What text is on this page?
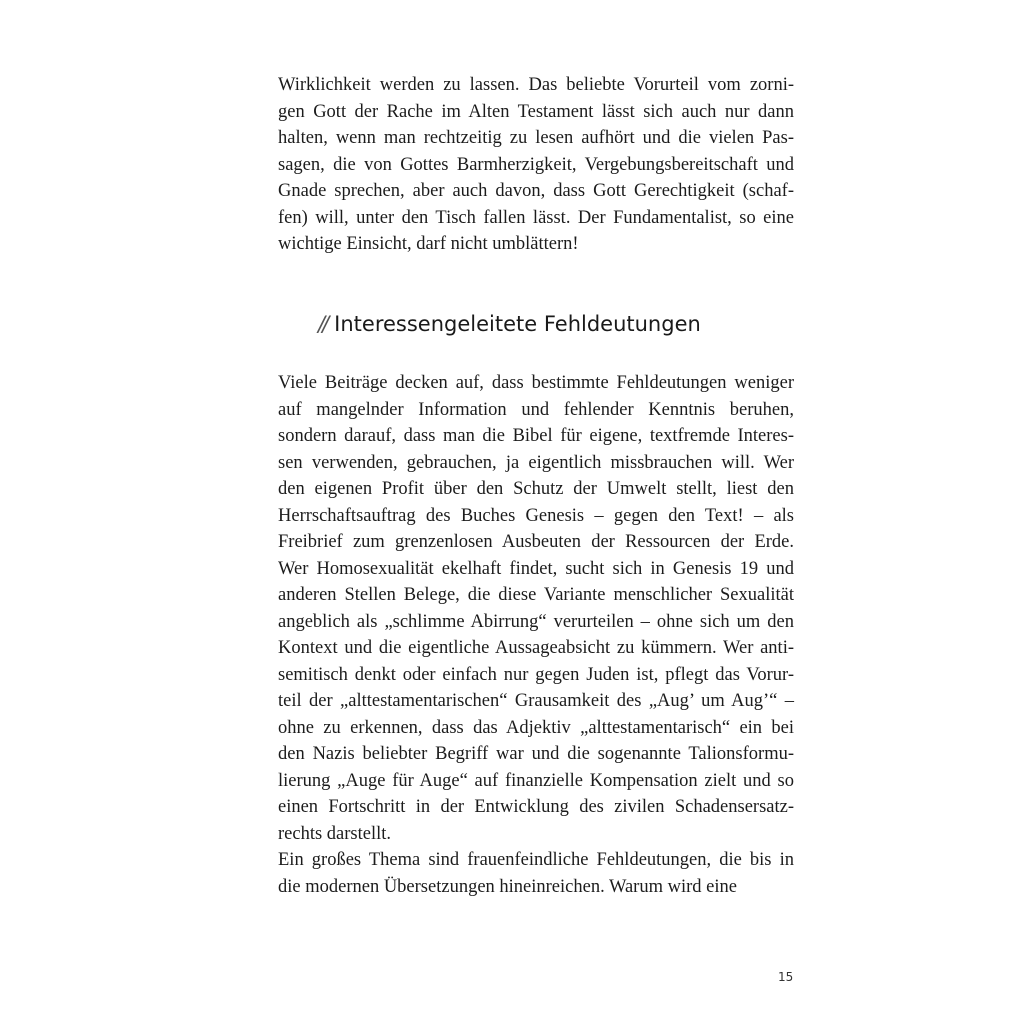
Wirklichkeit werden zu lassen. Das beliebte Vorurteil vom zorni-
gen Gott der Rache im Alten Testament lässt sich auch nur dann
halten, wenn man rechtzeitig zu lesen aufhört und die vielen Pas-
sagen, die von Gottes Barmherzigkeit, Vergebungsbereitschaft und
Gnade sprechen, aber auch davon, dass Gott Gerechtigkeit (schaf-
fen) will, unter den Tisch fallen lässt. Der Fundamentalist, so eine
wichtige Einsicht, darf nicht umblättern!
// Interessengeleitete Fehldeutungen
Viele Beiträge decken auf, dass bestimmte Fehldeutungen weniger
auf mangelnder Information und fehlender Kenntnis beruhen,
sondern darauf, dass man die Bibel für eigene, textfremde Interes-
sen verwenden, gebrauchen, ja eigentlich missbrauchen will. Wer
den eigenen Profit über den Schutz der Umwelt stellt, liest den
Herrschaftsauftrag des Buches Genesis – gegen den Text! – als
Freibrief zum grenzenlosen Ausbeuten der Ressourcen der Erde.
Wer Homosexualität ekelhaft findet, sucht sich in Genesis 19 und
anderen Stellen Belege, die diese Variante menschlicher Sexualität
angeblich als „schlimme Abirrung“ verurteilen – ohne sich um den
Kontext und die eigentliche Aussageabsicht zu kümmern. Wer anti-
semitisch denkt oder einfach nur gegen Juden ist, pflegt das Vorur-
teil der „alttestamentarischen“ Grausamkeit des „Aug’ um Aug’“ –
ohne zu erkennen, dass das Adjektiv „alttestamentarisch“ ein bei
den Nazis beliebter Begriff war und die sogenannte Talionsformu-
lierung „Auge für Auge“ auf finanzielle Kompensation zielt und so
einen Fortschritt in der Entwicklung des zivilen Schadensersatz-
rechts darstellt.
Ein großes Thema sind frauenfeindliche Fehldeutungen, die bis in
die modernen Übersetzungen hineinreichen. Warum wird eine
15
